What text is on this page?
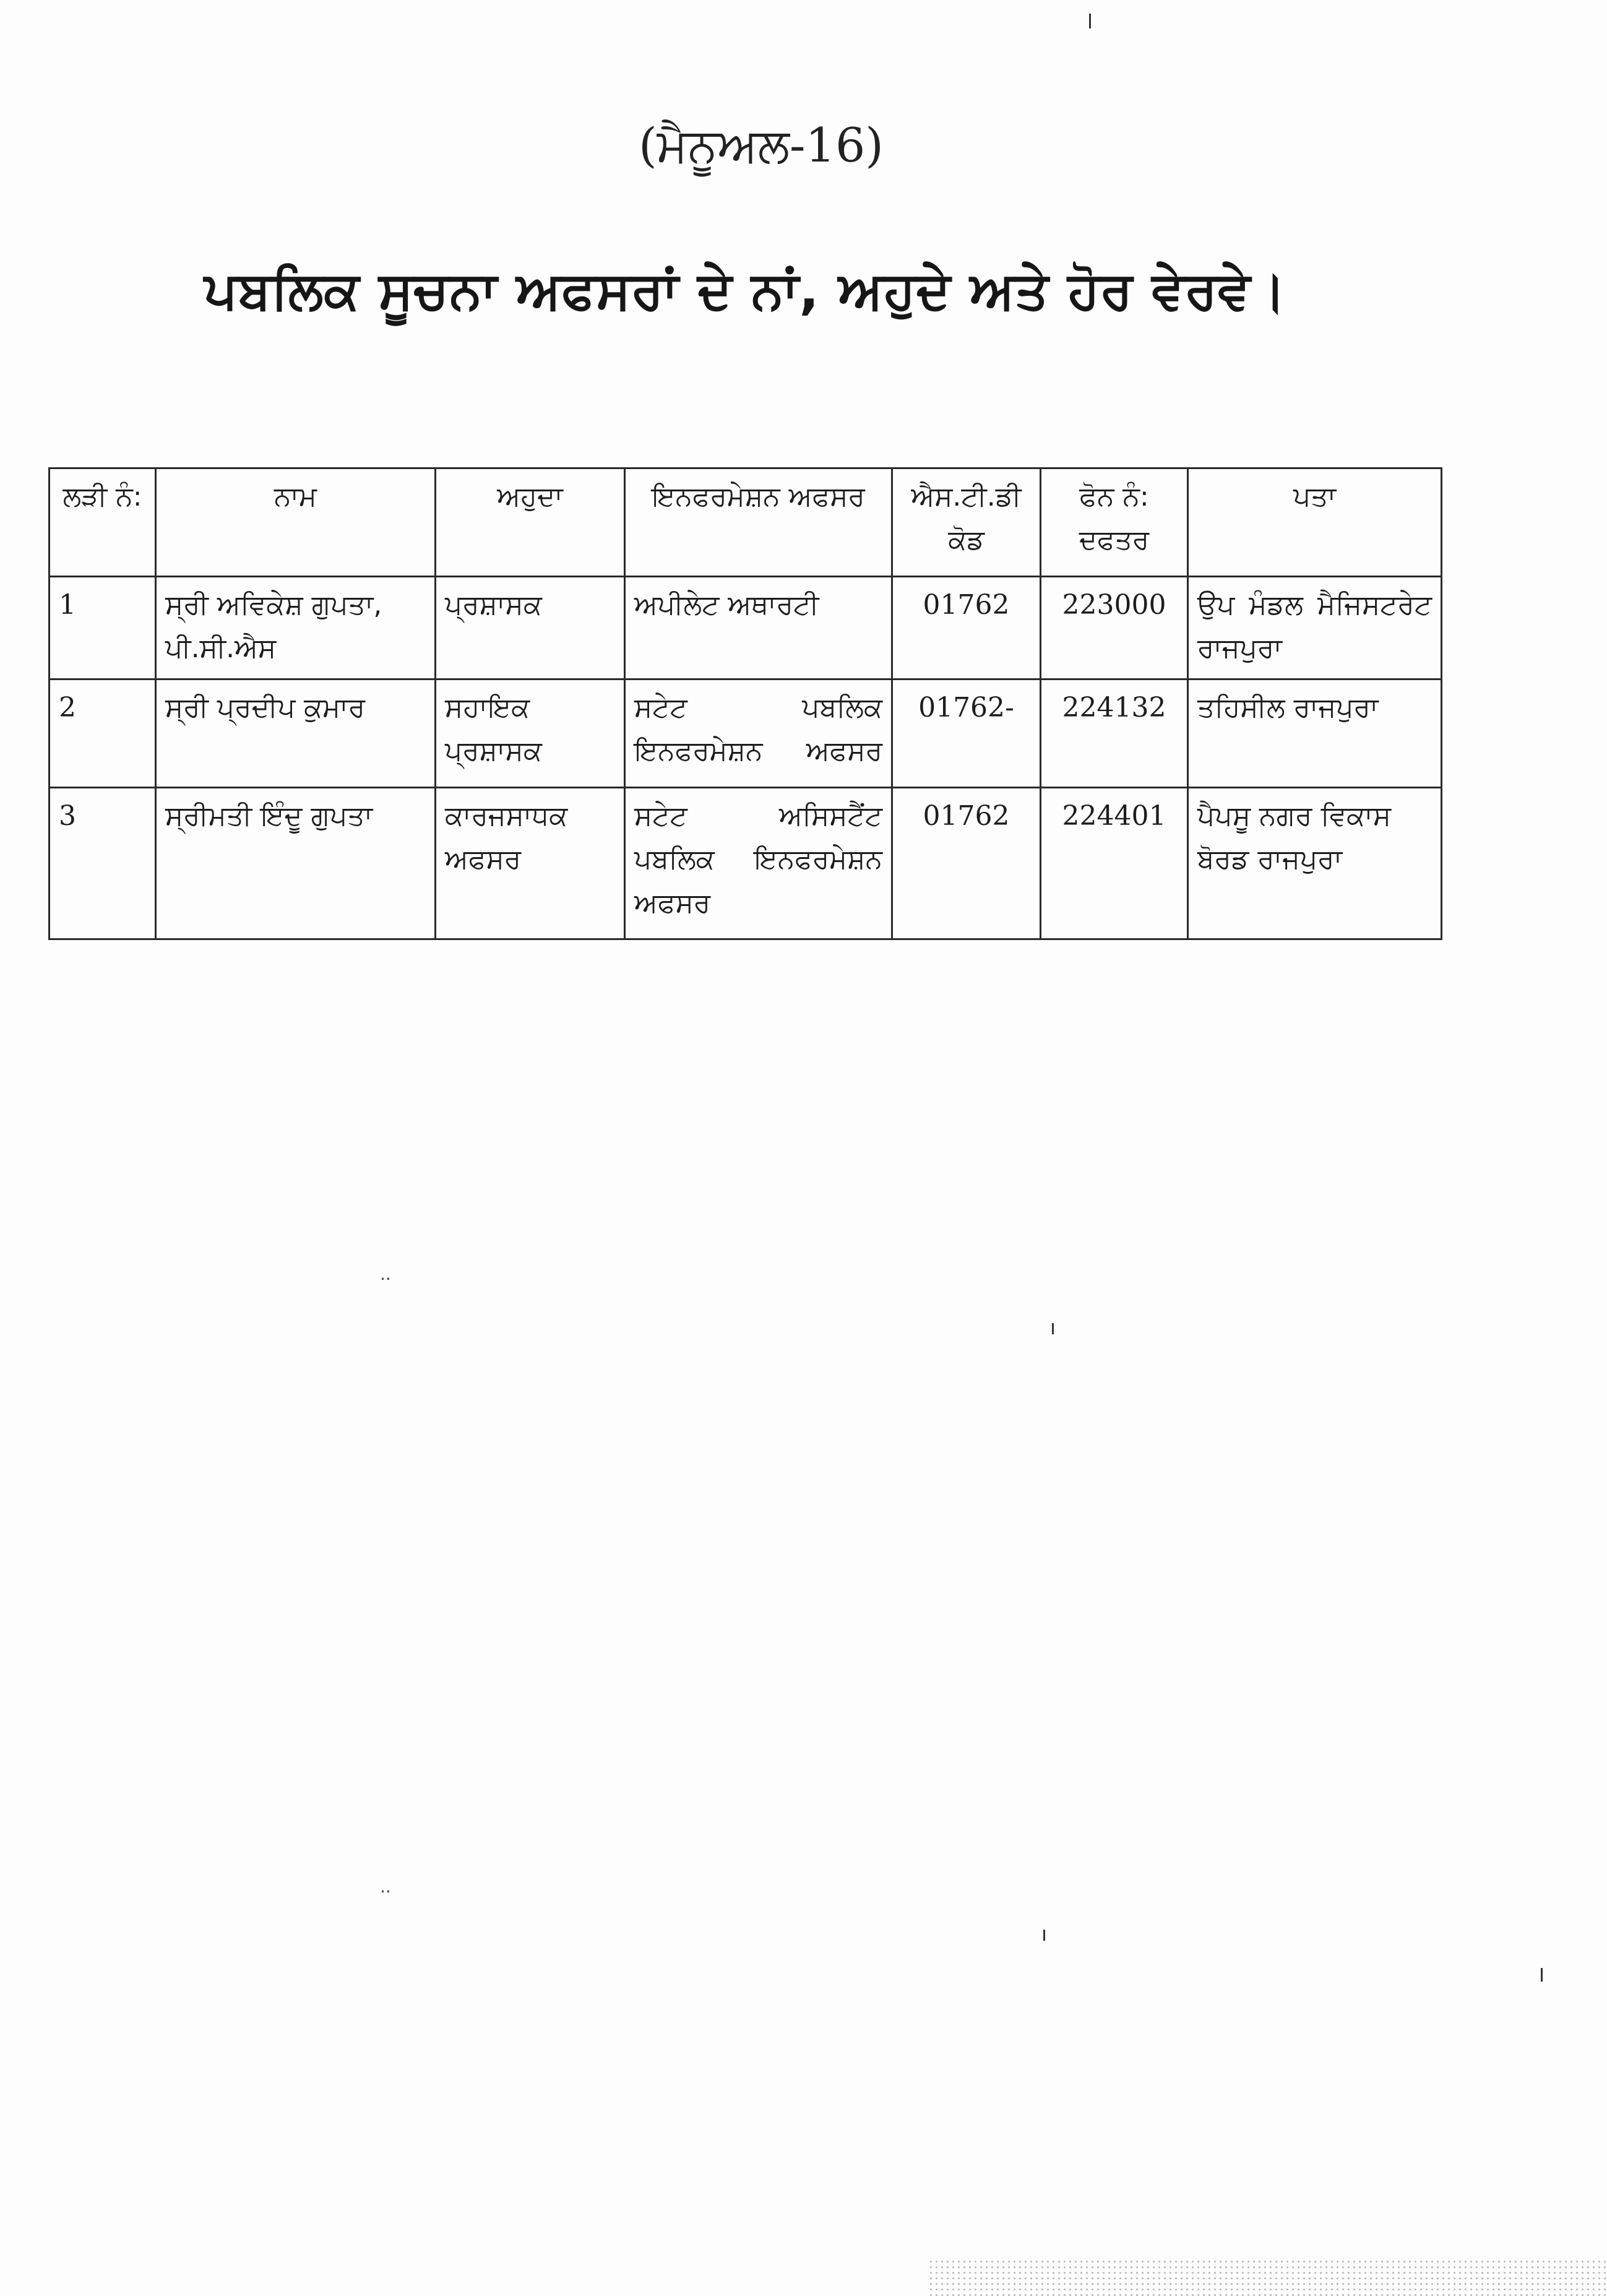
(ਮੈਨੂਅਲ-16)
ਪਬਲਿਕ ਸੂਚਨਾ ਅਫਸਰਾਂ ਦੇ ਨਾਂ, ਅਹੁਦੇ ਅਤੇ ਹੋਰ ਵੇਰਵੇ।
ਲੜੀ ਨੰ:	ਨਾਮ	ਅਹੁਦਾ	ਇਨਫਰਮੇਸ਼ਨ ਅਫਸਰ	ਐਸ.ਟੀ.ਡੀ ਕੋਡ	ਫੋਨ ਨੰ: ਦਫਤਰ	ਪਤਾ
1	ਸ੍ਰੀ ਅਵਿਕੇਸ਼ ਗੁਪਤਾ, ਪੀ.ਸੀ.ਐਸ	ਪ੍ਰਸ਼ਾਸਕ	ਅਪੀਲੇਟ ਅਥਾਰਟੀ	01762	223000	ਉਪ ਮੰਡਲ ਮੈਜਿਸਟਰੇਟ ਰਾਜਪੁਰਾ
2	ਸ੍ਰੀ ਪ੍ਰਦੀਪ ਕੁਮਾਰ	ਸਹਾਇਕ ਪ੍ਰਸ਼ਾਸਕ	ਸਟੇਟ ਪਬਲਿਕ ਇਨਫਰਮੇਸ਼ਨ ਅਫਸਰ	01762-	224132	ਤਹਿਸੀਲ ਰਾਜਪੁਰਾ
3	ਸ੍ਰੀਮਤੀ ਇੰਦੂ ਗੁਪਤਾ	ਕਾਰਜਸਾਧਕ ਅਫਸਰ	ਸਟੇਟ ਅਸਿਸਟੈਂਟ ਪਬਲਿਕ ਇਨਫਰਮੇਸ਼ਨ ਅਫਸਰ	01762	224401	ਪੈਪਸੂ ਨਗਰ ਵਿਕਾਸ ਬੋਰਡ ਰਾਜਪੁਰਾ
··
··
